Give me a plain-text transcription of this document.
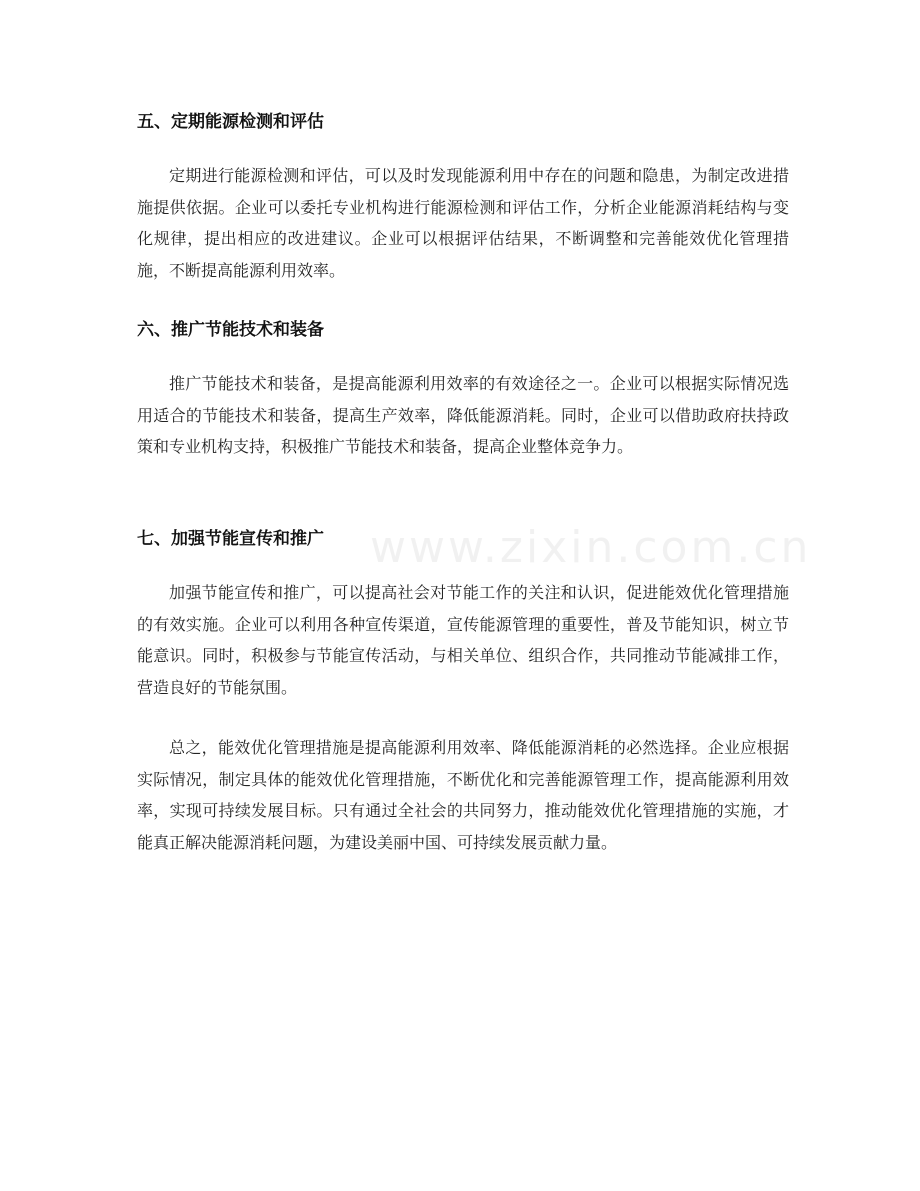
五、定期能源检测和评估

定期进行能源检测和评估，可以及时发现能源利用中存在的问题和隐患，为制定改进措施提供依据。企业可以委托专业机构进行能源检测和评估工作，分析企业能源消耗结构与变化规律，提出相应的改进建议。企业可以根据评估结果，不断调整和完善能效优化管理措施，不断提高能源利用效率。

六、推广节能技术和装备

推广节能技术和装备，是提高能源利用效率的有效途径之一。企业可以根据实际情况选用适合的节能技术和装备，提高生产效率，降低能源消耗。同时，企业可以借助政府扶持政策和专业机构支持，积极推广节能技术和装备，提高企业整体竞争力。

七、加强节能宣传和推广

加强节能宣传和推广，可以提高社会对节能工作的关注和认识，促进能效优化管理措施的有效实施。企业可以利用各种宣传渠道，宣传能源管理的重要性，普及节能知识，树立节能意识。同时，积极参与节能宣传活动，与相关单位、组织合作，共同推动节能减排工作，营造良好的节能氛围。

总之，能效优化管理措施是提高能源利用效率、降低能源消耗的必然选择。企业应根据实际情况，制定具体的能效优化管理措施，不断优化和完善能源管理工作，提高能源利用效率，实现可持续发展目标。只有通过全社会的共同努力，推动能效优化管理措施的实施，才能真正解决能源消耗问题，为建设美丽中国、可持续发展贡献力量。

www.zixin.com.cn
